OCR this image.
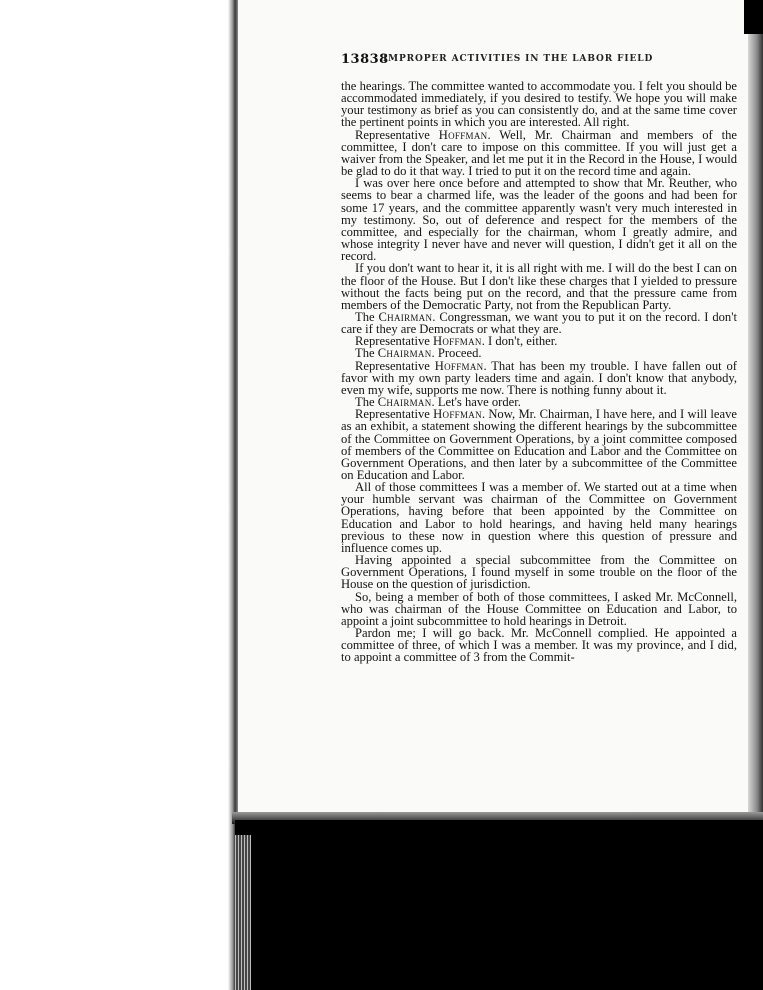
13838
IMPROPER ACTIVITIES IN THE LABOR FIELD

the hearings. The committee wanted to accommodate you. I felt you should be accommodated immediately, if you desired to testify. We hope you will make your testimony as brief as you can consistently do, and at the same time cover the pertinent points in which you are interested. All right.

Representative Hoffman. Well, Mr. Chairman and members of the committee, I don't care to impose on this committee. If you will just get a waiver from the Speaker, and let me put it in the Record in the House, I would be glad to do it that way. I tried to put it on the record time and again.

I was over here once before and attempted to show that Mr. Reuther, who seems to bear a charmed life, was the leader of the goons and had been for some 17 years, and the committee apparently wasn't very much interested in my testimony. So, out of deference and respect for the members of the committee, and especially for the chairman, whom I greatly admire, and whose integrity I never have and never will question, I didn't get it all on the record.

If you don't want to hear it, it is all right with me. I will do the best I can on the floor of the House. But I don't like these charges that I yielded to pressure without the facts being put on the record, and that the pressure came from members of the Democratic Party, not from the Republican Party.

The Chairman. Congressman, we want you to put it on the record. I don't care if they are Democrats or what they are.

Representative Hoffman. I don't, either.

The Chairman. Proceed.

Representative Hoffman. That has been my trouble. I have fallen out of favor with my own party leaders time and again. I don't know that anybody, even my wife, supports me now. There is nothing funny about it.

The Chairman. Let's have order.

Representative Hoffman. Now, Mr. Chairman, I have here, and I will leave as an exhibit, a statement showing the different hearings by the subcommittee of the Committee on Government Operations, by a joint committee composed of members of the Committee on Education and Labor and the Committee on Government Operations, and then later by a subcommittee of the Committee on Education and Labor.

All of those committees I was a member of. We started out at a time when your humble servant was chairman of the Committee on Government Operations, having before that been appointed by the Committee on Education and Labor to hold hearings, and having held many hearings previous to these now in question where this question of pressure and influence comes up.

Having appointed a special subcommittee from the Committee on Government Operations, I found myself in some trouble on the floor of the House on the question of jurisdiction.

So, being a member of both of those committees, I asked Mr. McConnell, who was chairman of the House Committee on Education and Labor, to appoint a joint subcommittee to hold hearings in Detroit.

Pardon me; I will go back. Mr. McConnell complied. He appointed a committee of three, of which I was a member. It was my province, and I did, to appoint a committee of 3 from the Commit-
